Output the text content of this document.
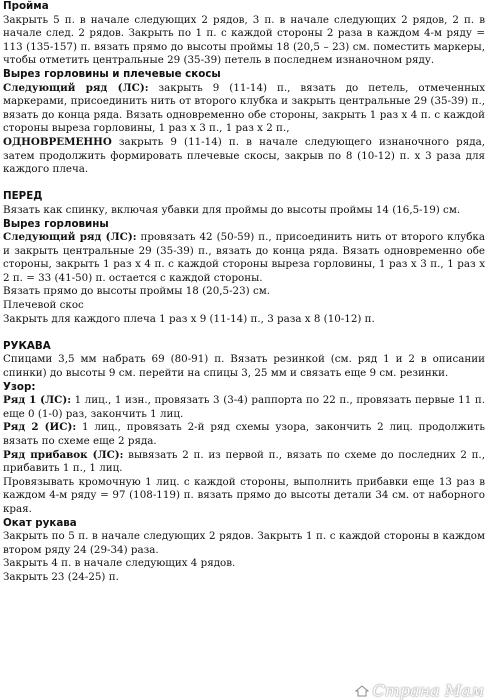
Пройма

Закрыть 5 п. в начале следующих 2 рядов, 3 п. в начале следующих 2 рядов, 2 п. в начале след. 2 рядов. Закрыть по 1 п. с каждой стороны 2 раза в каждом 4-м ряду = 113 (135-157) п. вязать прямо до высоты проймы 18 (20,5 – 23) см. поместить маркеры, чтобы отметить центральные 29 (35-39) петель в последнем изнаночном ряду.

Вырез горловины и плечевые скосы

Следующий ряд (ЛС): закрыть 9 (11-14) п., вязать до петель, отмеченных маркерами, присоединить нить от второго клубка и закрыть центральные 29 (35-39) п., вязать до конца ряда. Вязать одновременно обе стороны, закрыть 1 раз х 4 п. с каждой стороны выреза горловины, 1 раз х 3 п., 1 раз х 2 п.,

ОДНОВРЕМЕННО закрыть 9 (11-14) п. в начале следующего изнаночного ряда, затем продолжить формировать плечевые скосы, закрыв по 8 (10-12) п. х 3 раза для каждого плеча.

ПЕРЕД

Вязать как спинку, включая убавки для проймы до высоты проймы 14 (16,5-19) см.

Вырез горловины

Следующий ряд (ЛС): провязать 42 (50-59) п., присоединить нить от второго клубка и закрыть центральные 29 (35-39) п., вязать до конца ряда. Вязать одновременно обе стороны, закрыть 1 раз х 4 п. с каждой стороны выреза горловины, 1 раз х 3 п., 1 раз х 2 п. = 33 (41-50) п. остается с каждой стороны.

Вязать прямо до высоты проймы 18 (20,5-23) см.

Плечевой скос

Закрыть для каждого плеча 1 раз х 9 (11-14) п., 3 раза х 8 (10-12) п.

РУКАВА

Спицами 3,5 мм набрать 69 (80-91) п. Вязать резинкой (см. ряд 1 и 2 в описании спинки) до высоты 9 см. перейти на спицы 3, 25 мм и связать еще 9 см. резинки.

Узор:

Ряд 1 (ЛС): 1 лиц., 1 изн., провязать 3 (3-4) раппорта по 22 п., провязать первые 11 п. еще 0 (1-0) раз, закончить 1 лиц.

Ряд 2 (ИС): 1 лиц., провязать 2-й ряд схемы узора, закончить 2 лиц. продолжить вязать по схеме еще 2 ряда.

Ряд прибавок (ЛС): вывязать 2 п. из первой п., вязать по схеме до последних 2 п., прибавить 1 п., 1 лиц.

Провязывать кромочную 1 лиц. с каждой стороны, выполнить прибавки еще 13 раз в каждом 4-м ряду = 97 (108-119) п. вязать прямо до высоты детали 34 см. от наборного края.

Окат рукава

Закрыть по 5 п. в начале следующих 2 рядов. Закрыть 1 п. с каждой стороны в каждом втором ряду 24 (29-34) раза.

Закрыть 4 п. в начале следующих 4 рядов.

Закрыть 23 (24-25) п.

Страна Мам
